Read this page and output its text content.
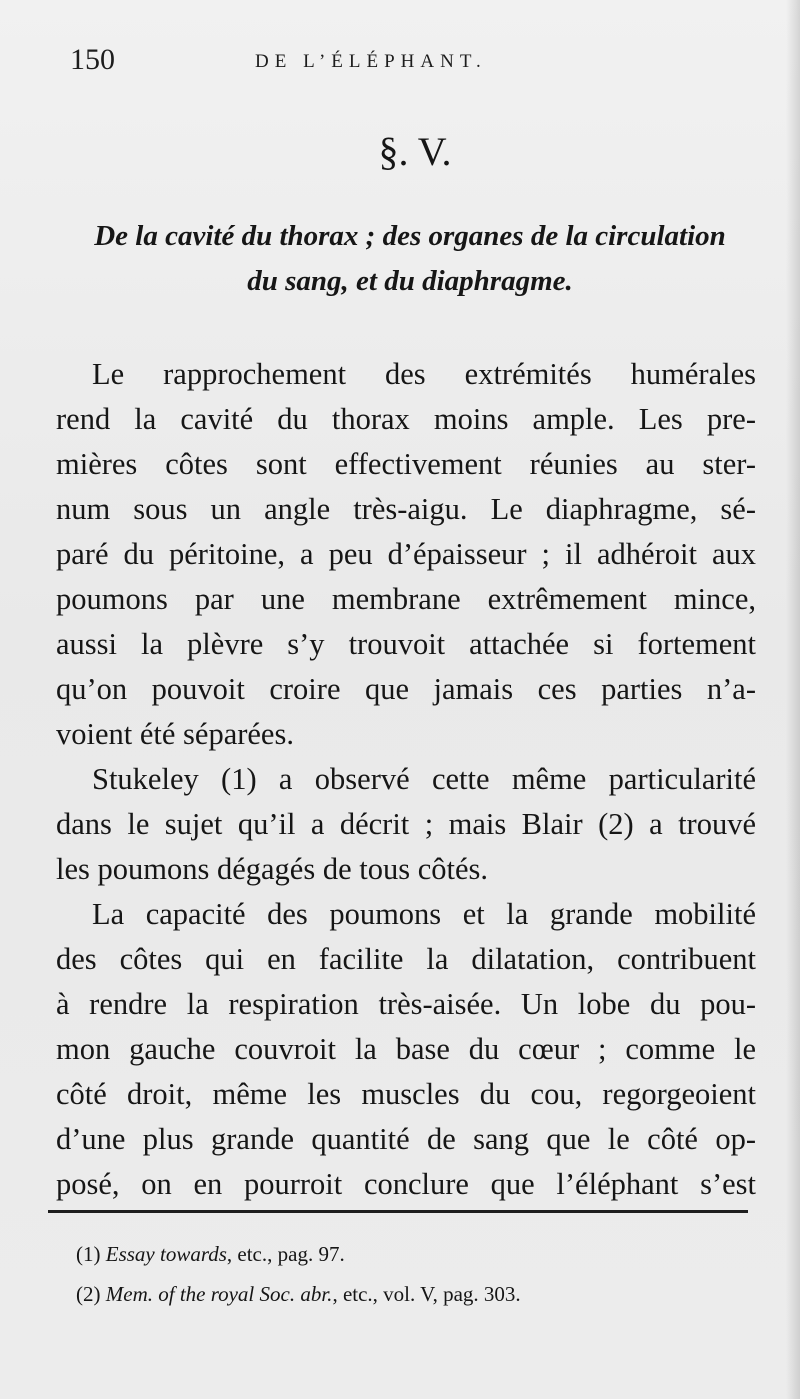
150	DE L’ÉLÉPHANT.
§. V.
De la cavité du thorax ; des organes de la circulation
du sang, et du diaphragme.

Le rapprochement des extrémités humérales
rend la cavité du thorax moins ample. Les pre-
mières côtes sont effectivement réunies au ster-
num sous un angle très-aigu. Le diaphragme, sé-
paré du péritoine, a peu d’épaisseur ; il adhéroit aux
poumons par une membrane extrêmement mince,
aussi la plèvre s’y trouvoit attachée si fortement
qu’on pouvoit croire que jamais ces parties n’a-
voient été séparées.

Stukeley (1) a observé cette même particularité
dans le sujet qu’il a décrit ; mais Blair (2) a trouvé
les poumons dégagés de tous côtés.

La capacité des poumons et la grande mobilité
des côtes qui en facilite la dilatation, contribuent
à rendre la respiration très-aisée. Un lobe du pou-
mon gauche couvroit la base du cœur ; comme le
côté droit, même les muscles du cou, regorgeoient
d’une plus grande quantité de sang que le côté op-
posé, on en pourroit conclure que l’éléphant s’est

(1) Essay towards, etc., pag. 97.
(2) Mem. of the royal Soc. abr., etc., vol. V, pag. 303.
